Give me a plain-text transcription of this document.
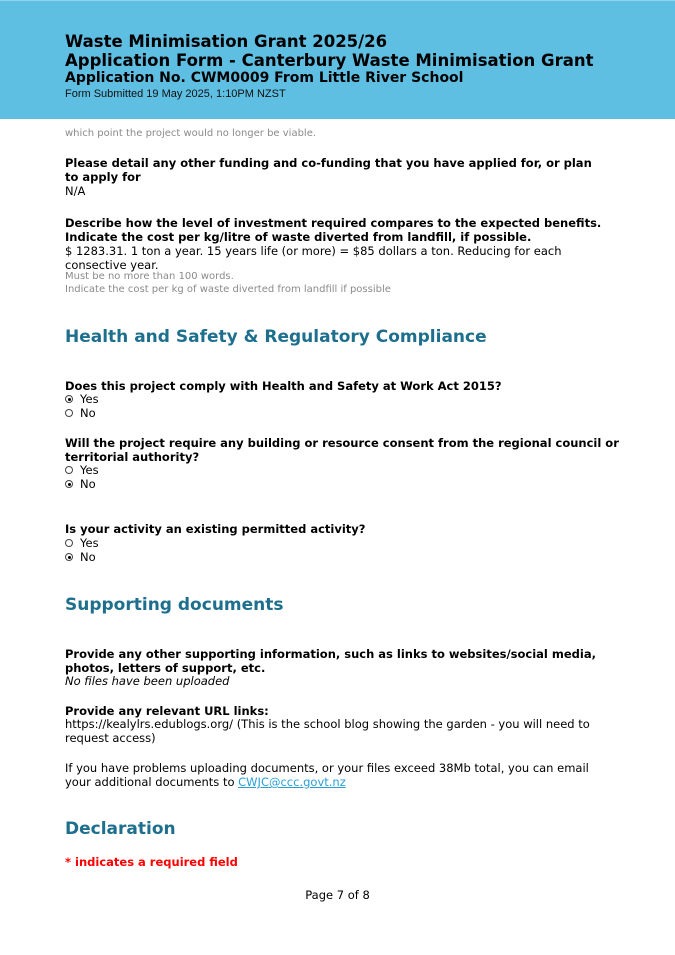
Waste Minimisation Grant 2025/26
Application Form - Canterbury Waste Minimisation Grant
Application No. CWM0009 From Little River School
Form Submitted 19 May 2025, 1:10PM NZST
which point the project would no longer be viable.
Please detail any other funding and co-funding that you have applied for, or plan to apply for
N/A
Describe how the level of investment required compares to the expected benefits. Indicate the cost per kg/litre of waste diverted from landfill, if possible.
$ 1283.31. 1 ton a year. 15 years life (or more) = $85 dollars a ton. Reducing for each consective year.
Must be no more than 100 words.
Indicate the cost per kg of waste diverted from landfill if possible
Health and Safety & Regulatory Compliance
Does this project comply with Health and Safety at Work Act 2015?
Yes
No
Will the project require any building or resource consent from the regional council or territorial authority?
Yes
No
Is your activity an existing permitted activity?
Yes
No
Supporting documents
Provide any other supporting information, such as links to websites/social media, photos, letters of support, etc.
No files have been uploaded
Provide any relevant URL links:
https://kealylrs.edublogs.org/ (This is the school blog showing the garden - you will need to request access)
If you have problems uploading documents, or your files exceed 38Mb total, you can email your additional documents to CWJC@ccc.govt.nz
Declaration
* indicates a required field
Page 7 of 8
